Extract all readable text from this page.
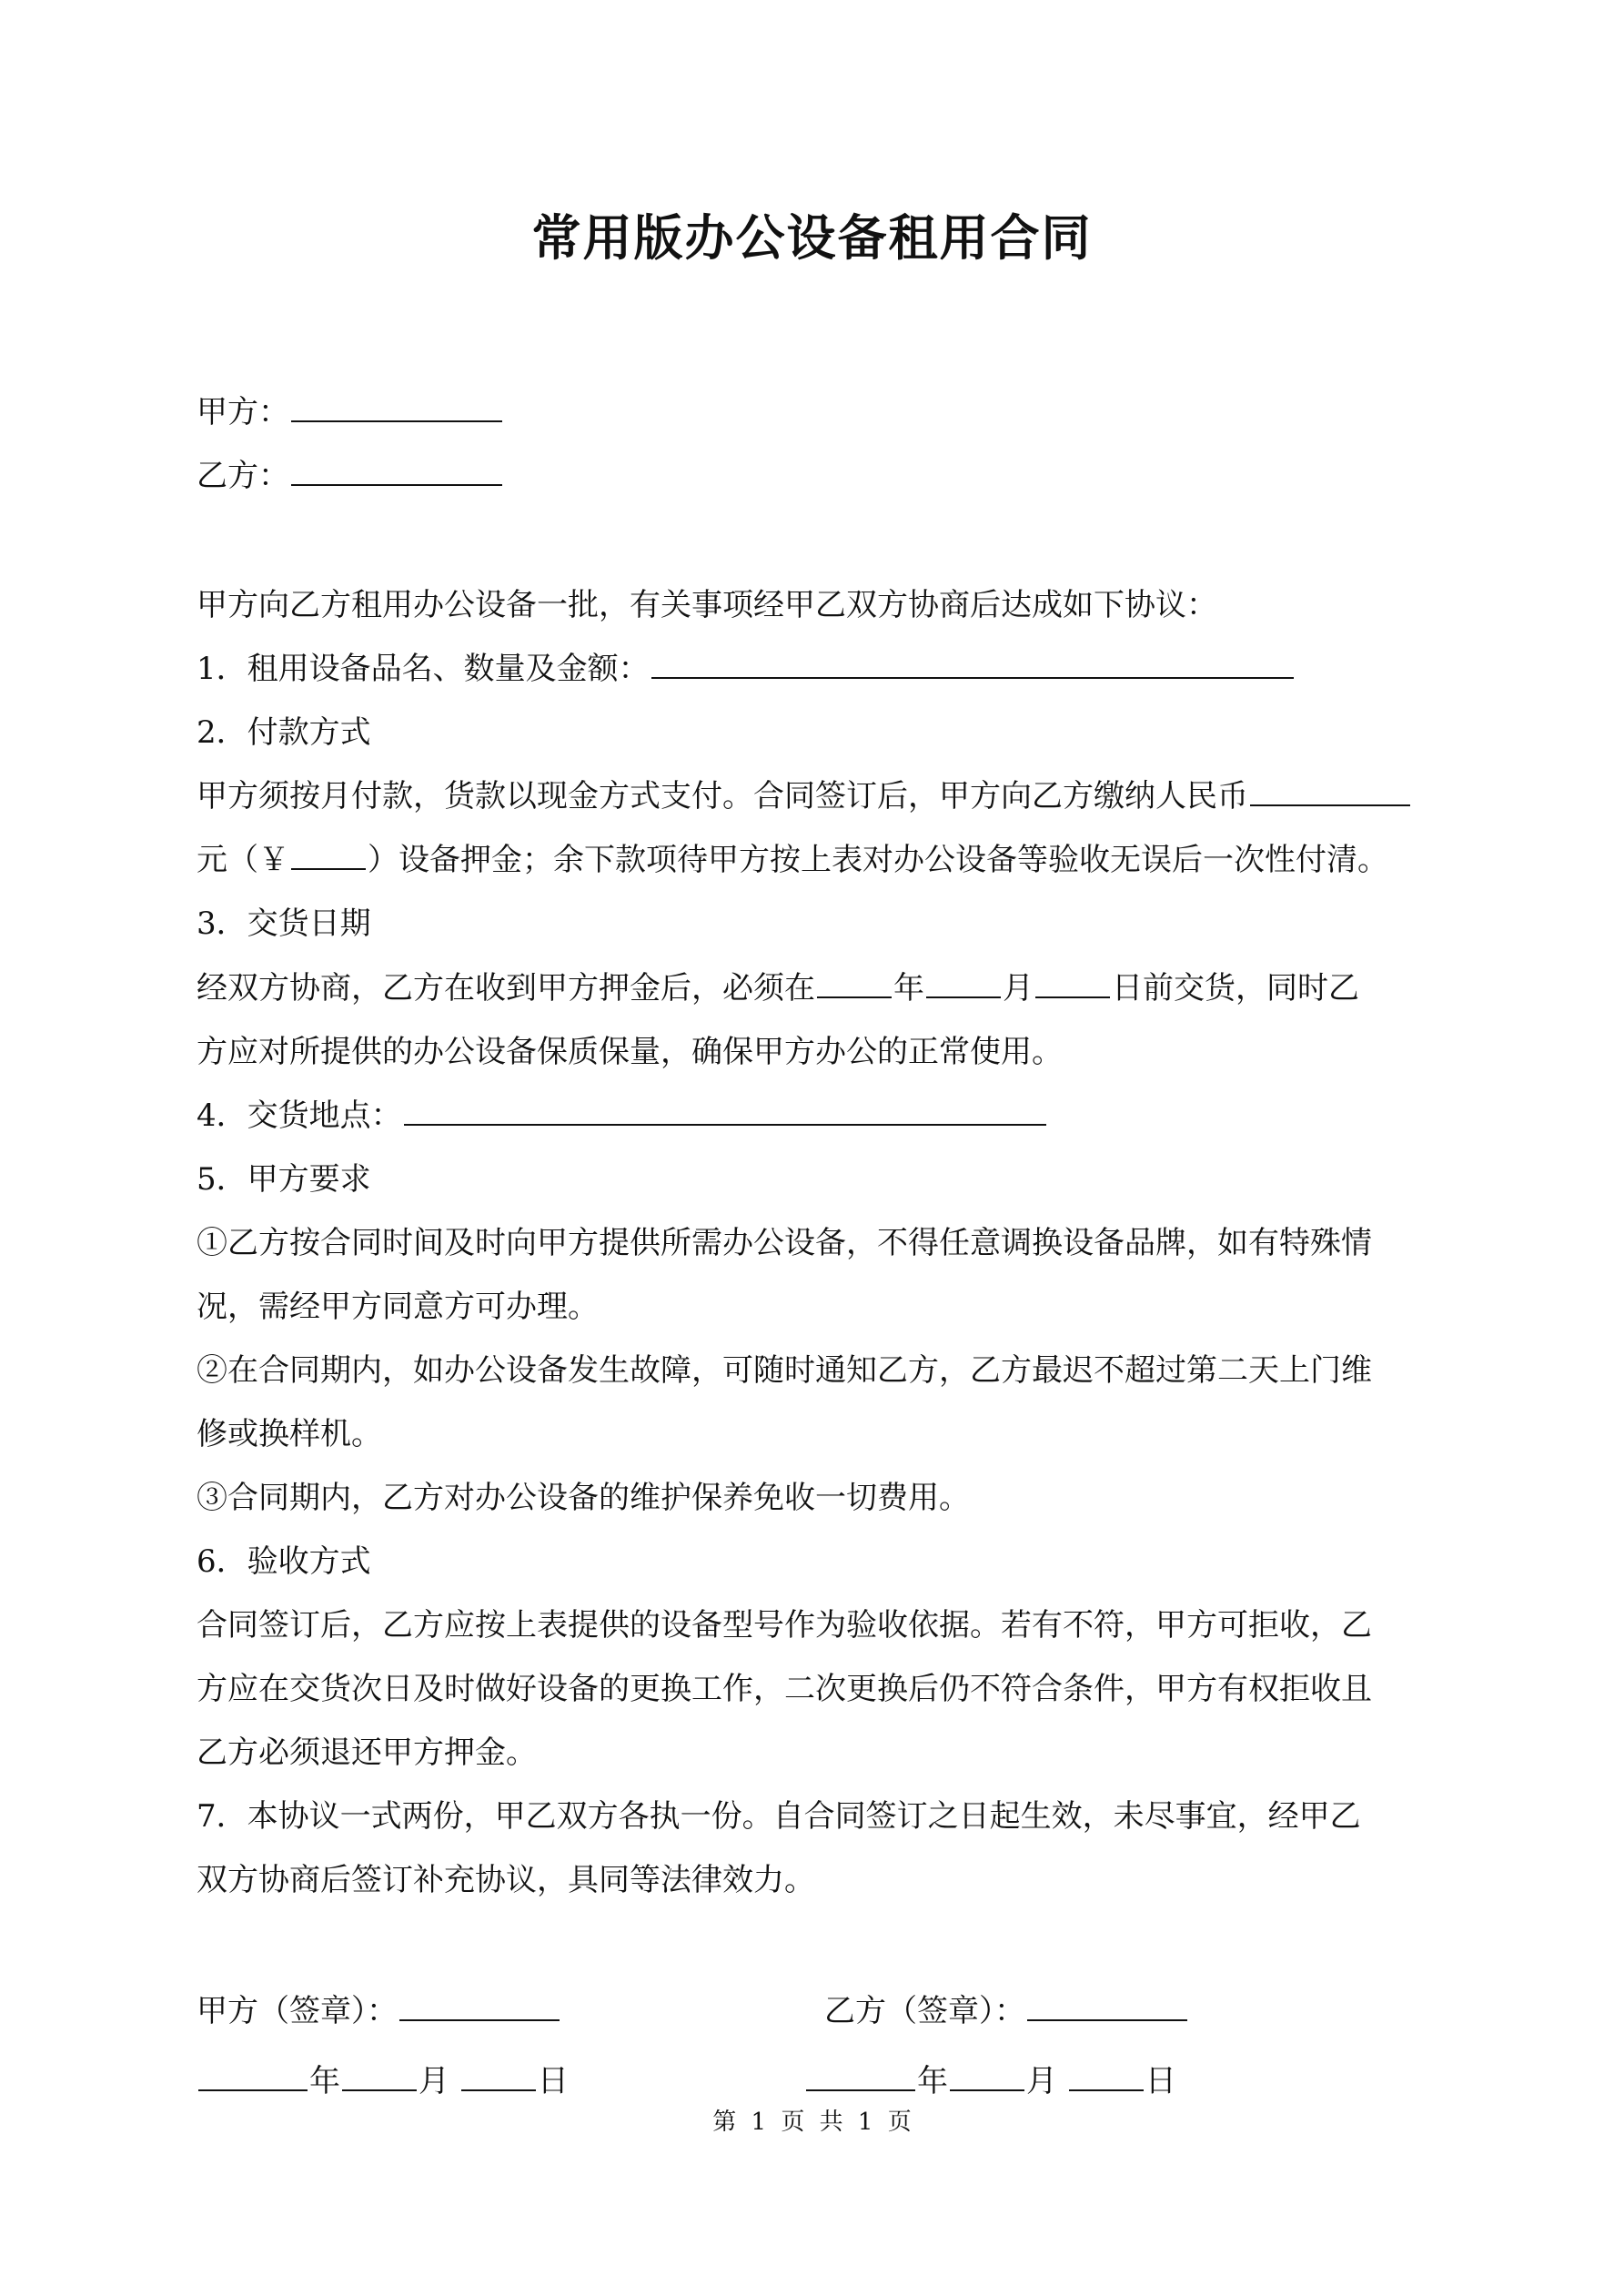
常用版办公设备租用合同
甲方：
乙方：
甲方向乙方租用办公设备一批，有关事项经甲乙双方协商后达成如下协议：
1．租用设备品名、数量及金额：
2．付款方式
甲方须按月付款，货款以现金方式支付。合同签订后，甲方向乙方缴纳人民币
元（￥	）设备押金；余下款项待甲方按上表对办公设备等验收无误后一次性付清。
3．交货日期
经双方协商，乙方在收到甲方押金后，必须在	年	月	日前交货，同时乙
方应对所提供的办公设备保质保量，确保甲方办公的正常使用。
4．交货地点：
5．甲方要求
①乙方按合同时间及时向甲方提供所需办公设备，不得任意调换设备品牌，如有特殊情
况，需经甲方同意方可办理。
②在合同期内，如办公设备发生故障，可随时通知乙方，乙方最迟不超过第二天上门维
修或换样机。
③合同期内，乙方对办公设备的维护保养免收一切费用。
6．验收方式
合同签订后，乙方应按上表提供的设备型号作为验收依据。若有不符，甲方可拒收，乙
方应在交货次日及时做好设备的更换工作，二次更换后仍不符合条件，甲方有权拒收且
乙方必须退还甲方押金。
7．本协议一式两份，甲乙双方各执一份。自合同签订之日起生效，未尽事宜，经甲乙
双方协商后签订补充协议，具同等法律效力。
甲方（签章）：	乙方（签章）：
年	月	日	年	月	日
第 1 页 共 1 页
